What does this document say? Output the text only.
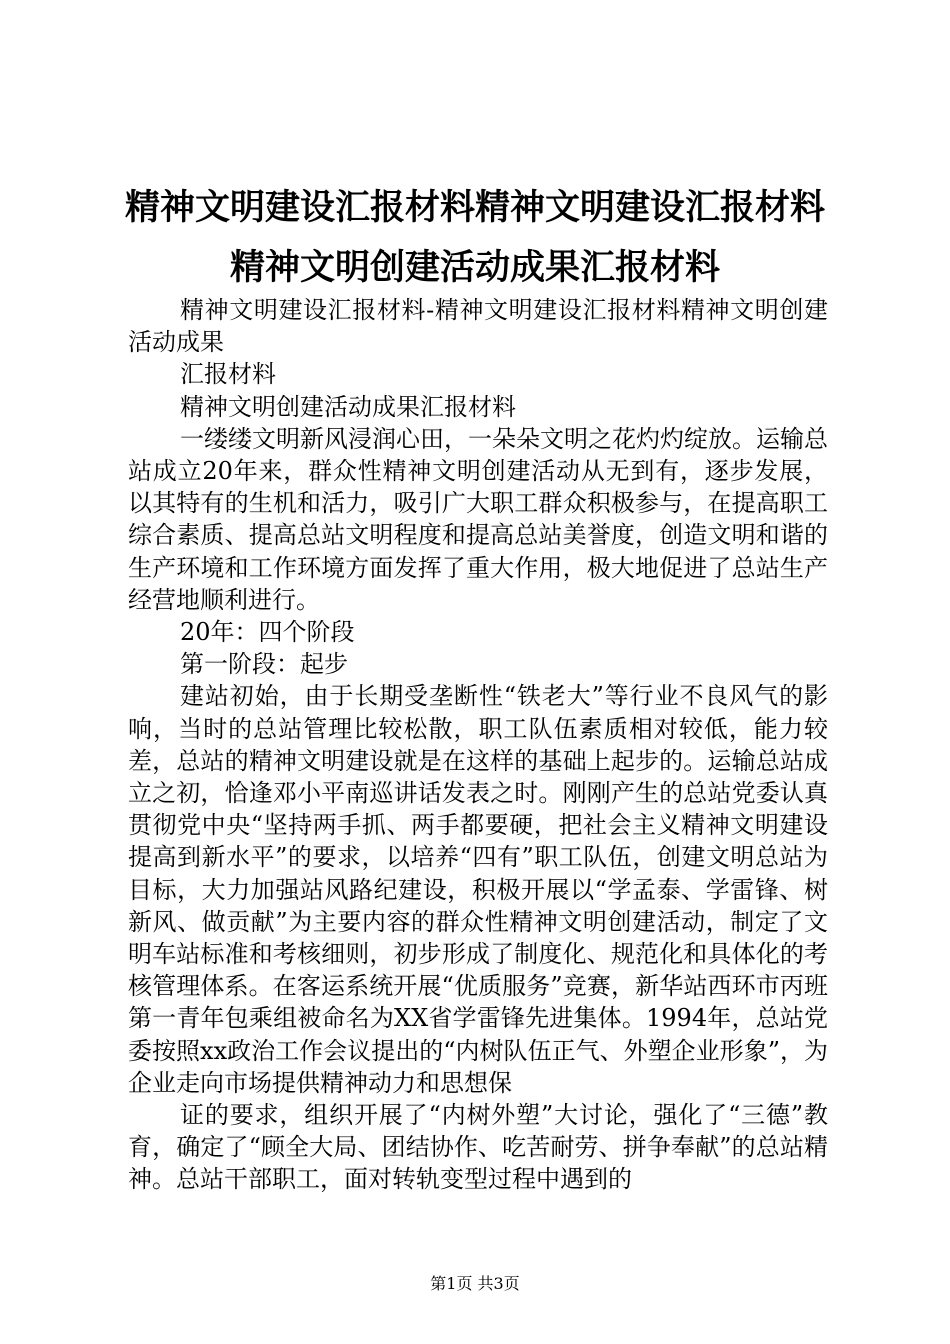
精神文明建设汇报材料精神文明建设汇报材料
精神文明创建活动成果汇报材料

精神文明建设汇报材料-精神文明建设汇报材料精神文明创建活动成果

汇报材料

精神文明创建活动成果汇报材料

一缕缕文明新风浸润心田，一朵朵文明之花灼灼绽放。运输总站成立20年来，群众性精神文明创建活动从无到有，逐步发展，以其特有的生机和活力，吸引广大职工群众积极参与，在提高职工综合素质、提高总站文明程度和提高总站美誉度，创造文明和谐的生产环境和工作环境方面发挥了重大作用，极大地促进了总站生产经营地顺利进行。

20年：四个阶段

第一阶段：起步

建站初始，由于长期受垄断性“铁老大”等行业不良风气的影响，当时的总站管理比较松散，职工队伍素质相对较低，能力较差，总站的精神文明建设就是在这样的基础上起步的。运输总站成立之初，恰逢邓小平南巡讲话发表之时。刚刚产生的总站党委认真贯彻党中央“坚持两手抓、两手都要硬，把社会主义精神文明建设提高到新水平”的要求，以培养“四有”职工队伍，创建文明总站为目标，大力加强站风路纪建设，积极开展以“学孟泰、学雷锋、树新风、做贡献”为主要内容的群众性精神文明创建活动，制定了文明车站标准和考核细则，初步形成了制度化、规范化和具体化的考核管理体系。在客运系统开展“优质服务”竞赛，新华站西环市丙班第一青年包乘组被命名为XX省学雷锋先进集体。1994年，总站党委按照xx政治工作会议提出的“内树队伍正气、外塑企业形象”，为企业走向市场提供精神动力和思想保

证的要求，组织开展了“内树外塑”大讨论，强化了“三德”教育，确定了“顾全大局、团结协作、吃苦耐劳、拼争奉献”的总站精神。总站干部职工，面对转轨变型过程中遇到的

第1页 共3页
